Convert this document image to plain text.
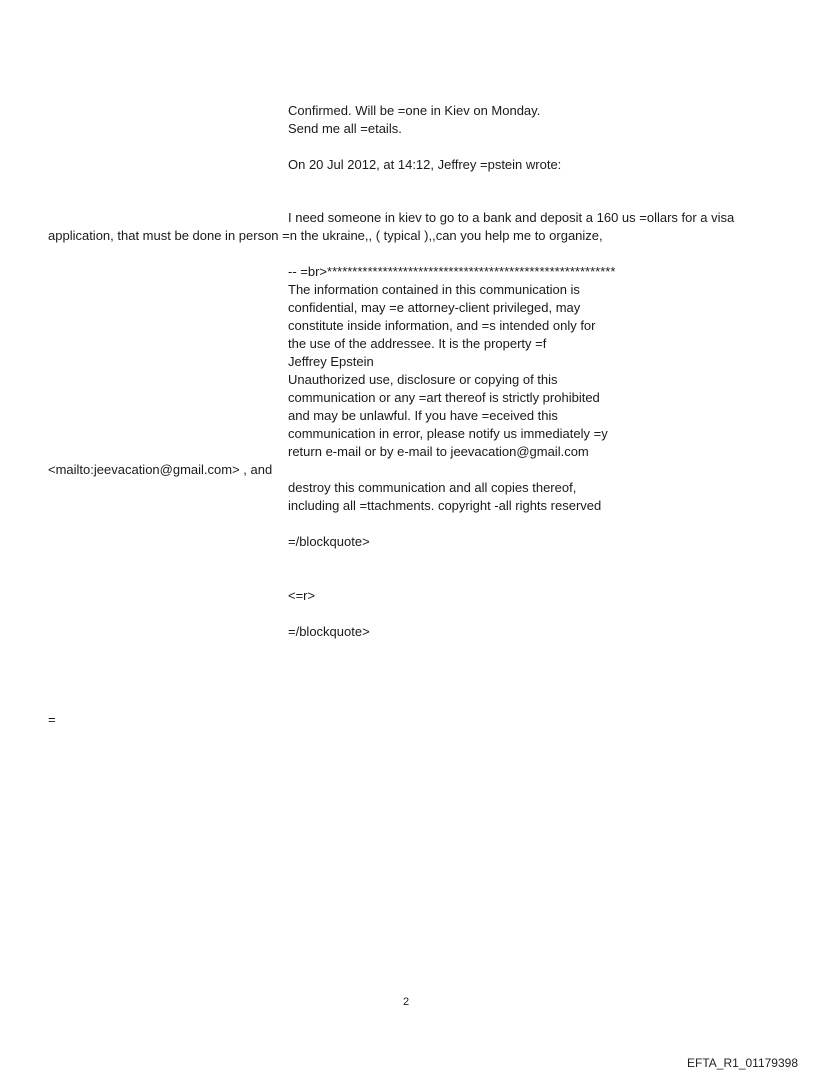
Confirmed. Will be =one in Kiev on Monday.

Send me all =etails.

On 20 Jul 2012, at 14:12, Jeffrey =pstein wrote:

I need someone in kiev to go to a bank and deposit a 160 us =ollars for a visa

application, that must be done in person =n the ukraine,, ( typical ),,can you help me to organize,

-- =br>*********************************************************

The information contained in this communication is

confidential, may =e attorney-client privileged, may

constitute inside information, and =s intended only for

the use of the addressee. It is the property =f

Jeffrey Epstein

Unauthorized use, disclosure or copying of this

communication or any =art thereof is strictly prohibited

and may be unlawful. If you have =eceived this

communication in error, please notify us immediately =y

return e-mail or by e-mail to jeevacation@gmail.com

<mailto:jeevacation@gmail.com> , and

destroy this communication and all copies thereof,

including all =ttachments. copyright -all rights reserved

=/blockquote>

<=r>

=/blockquote>

=

2
EFTA_R1_01179398
